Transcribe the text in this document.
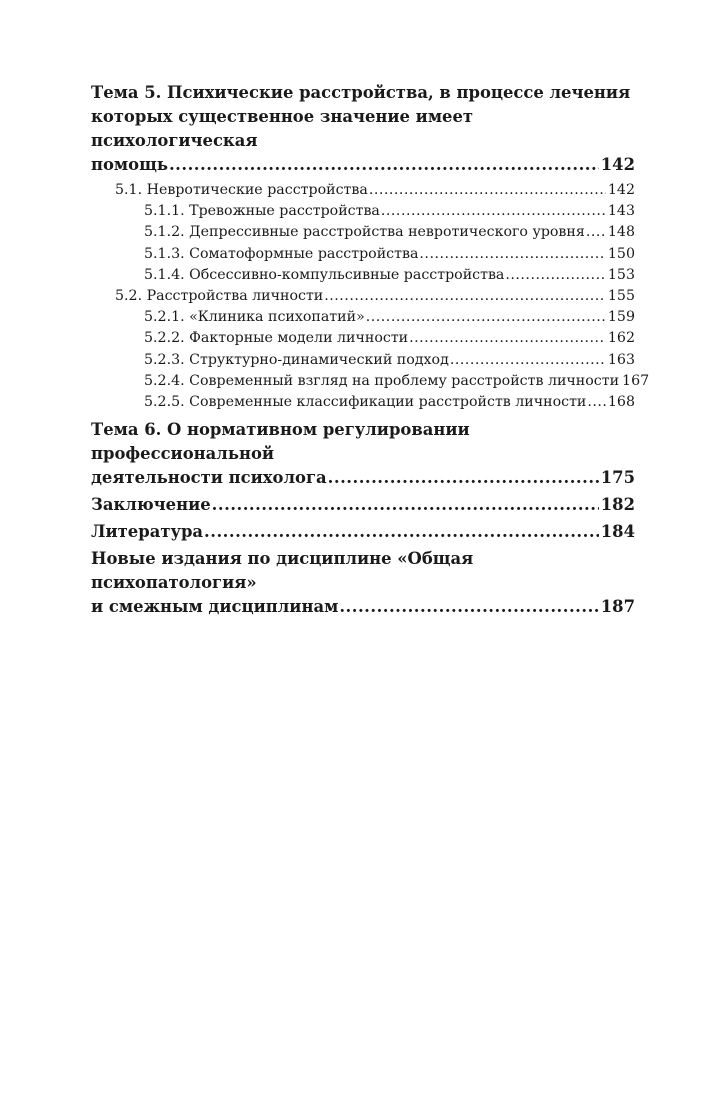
Тема 5. Психические расстройства, в процессе лечения
которых существенное значение имеет психологическая
помощь .....	142
5.1. Невротические расстройства .....	142
5.1.1. Тревожные расстройства .....	143
5.1.2. Депрессивные расстройства невротического уровня ..... 148
5.1.3. Соматоформные расстройства .....	150
5.1.4. Обсессивно-компульсивные расстройства .....	153
5.2. Расстройства личности .....	155
5.2.1. «Клиника психопатий» .....	159
5.2.2. Факторные модели личности .....	162
5.2.3. Структурно-динамический подход .....	163
5.2.4. Современный взгляд на проблему расстройств личности 167
5.2.5. Современные классификации расстройств личности ..... 168
Тема 6. О нормативном регулировании профессиональной
деятельности психолога .....	175
Заключение .....	182
Литература .....	184
Новые издания по дисциплине «Общая психопатология»
и смежным дисциплинам .....	187
